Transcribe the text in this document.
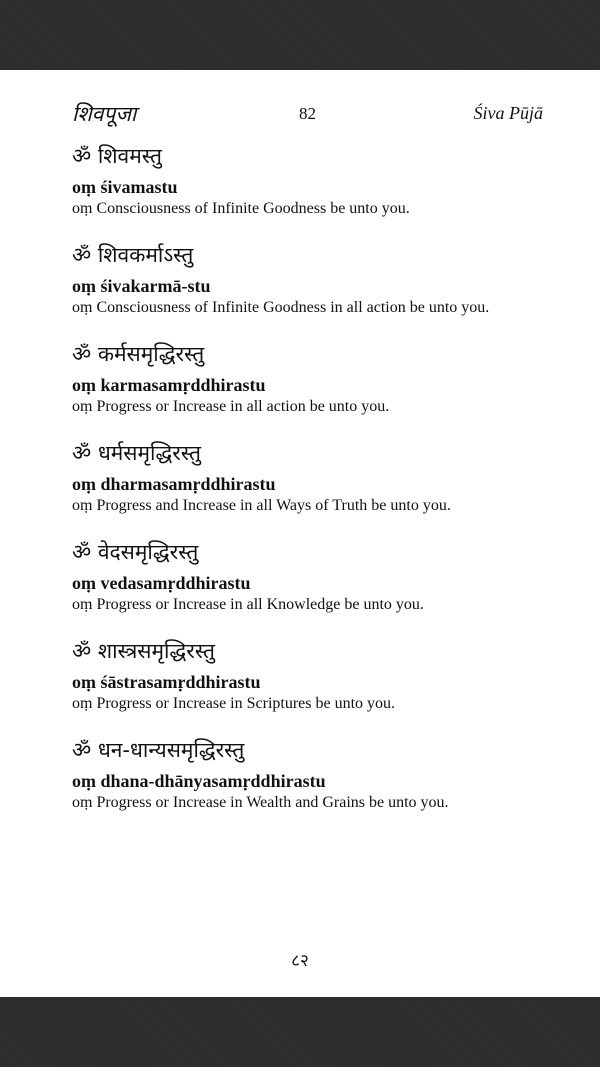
शिवपूजा	82	Śiva Pūjā
ॐ शिवमस्तु
oṃ śivamastu
oṃ Consciousness of Infinite Goodness be unto you.
ॐ शिवकर्माऽस्तु
oṃ śivakarmā-stu
oṃ Consciousness of Infinite Goodness in all action be unto you.
ॐ कर्मसमृद्धिरस्तु
oṃ karmasamṛddhirastu
oṃ Progress or Increase in all action be unto you.
ॐ धर्मसमृद्धिरस्तु
oṃ dharmasamṛddhirastu
oṃ Progress and Increase in all Ways of Truth be unto you.
ॐ वेदसमृद्धिरस्तु
oṃ vedasamṛddhirastu
oṃ Progress or Increase in all Knowledge be unto you.
ॐ शास्त्रसमृद्धिरस्तु
oṃ śāstrasamṛddhirastu
oṃ Progress or Increase in Scriptures be unto you.
ॐ धन-धान्यसमृद्धिरस्तु
oṃ dhana-dhānyasamṛddhirastu
oṃ Progress or Increase in Wealth and Grains be unto you.
८२
